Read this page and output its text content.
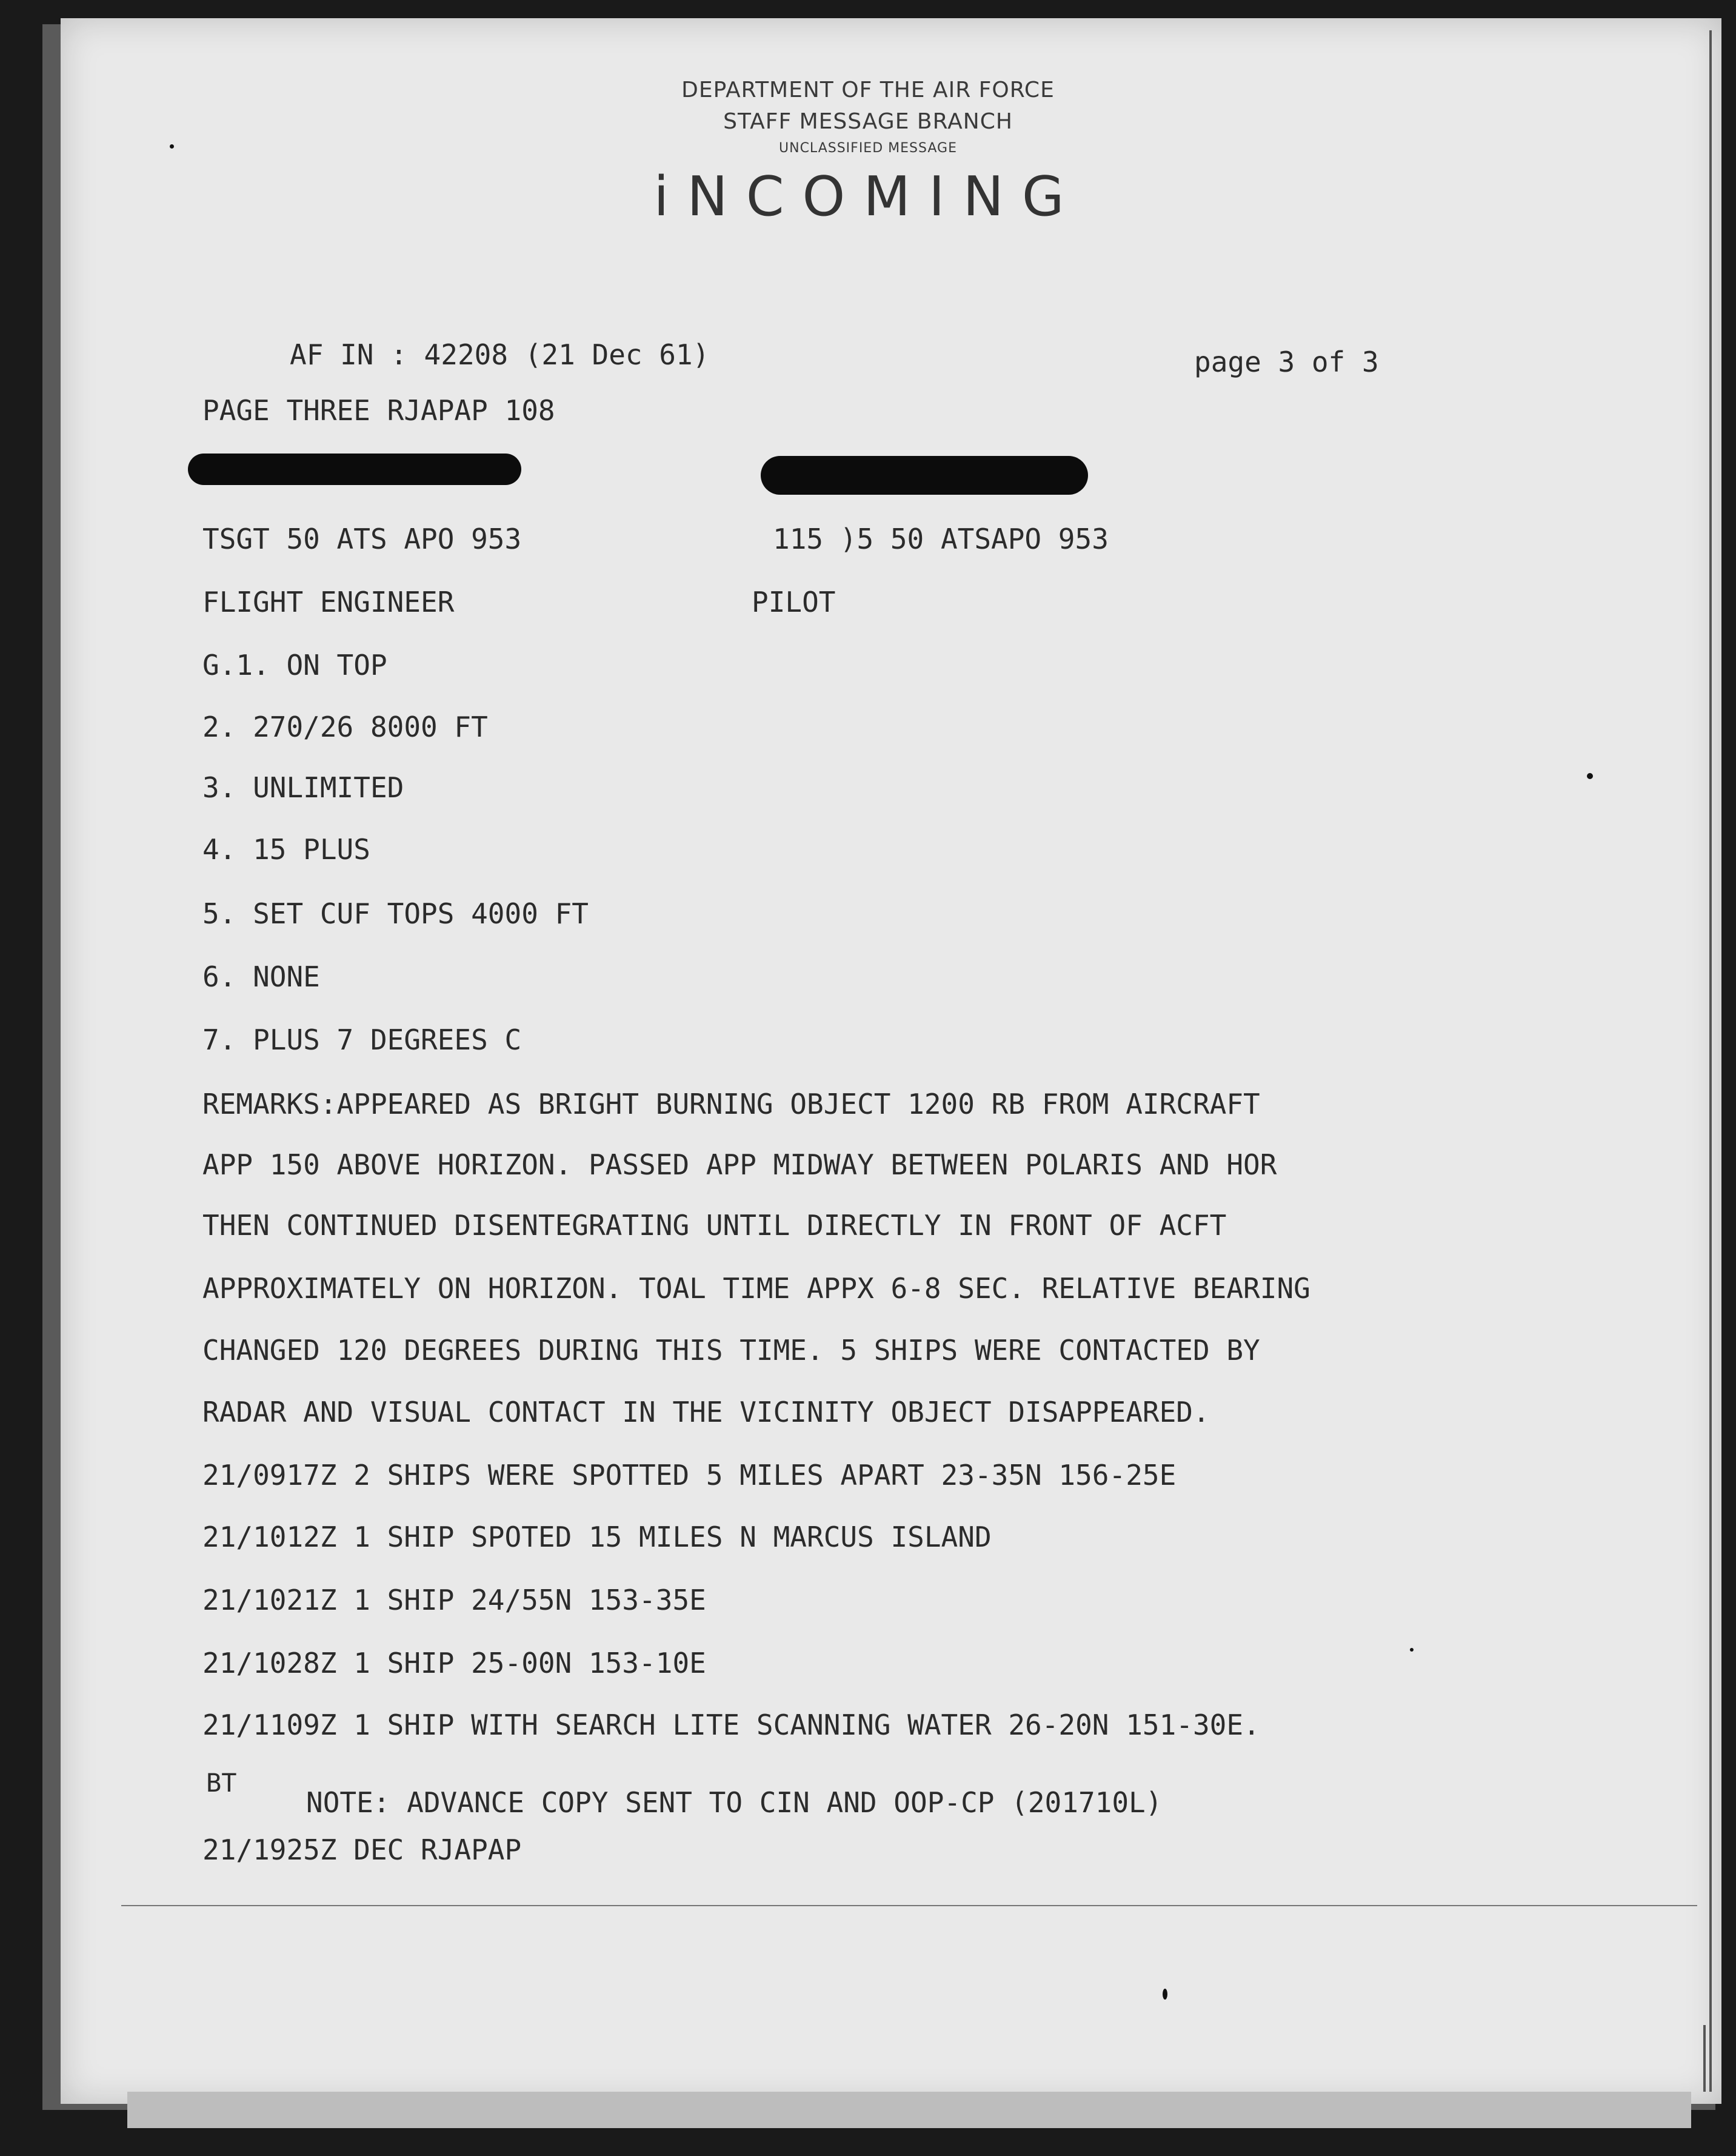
DEPARTMENT OF THE AIR FORCE
STAFF MESSAGE BRANCH
UNCLASSIFIED MESSAGE
iNCOMING
AF IN : 42208 (21 Dec 61)	page 3 of 3
PAGE THREE RJAPAP 108
TSGT 50 ATS APO 953	115 )5 50 ATSAPO 953
FLIGHT ENGINEER	PILOT
G.1. ON TOP
2. 270/26 8000 FT
3. UNLIMITED
4. 15 PLUS
5. SET CUF TOPS 4000 FT
6. NONE
7. PLUS 7 DEGREES C
REMARKS:APPEARED AS BRIGHT BURNING OBJECT 1200 RB FROM AIRCRAFT
APP 150 ABOVE HORIZON. PASSED APP MIDWAY BETWEEN POLARIS AND HOR
THEN CONTINUED DISENTEGRATING UNTIL DIRECTLY IN FRONT OF ACFT
APPROXIMATELY ON HORIZON. TOAL TIME APPX 6-8 SEC. RELATIVE BEARING
CHANGED 120 DEGREES DURING THIS TIME. 5 SHIPS WERE CONTACTED BY
RADAR AND VISUAL CONTACT IN THE VICINITY OBJECT DISAPPEARED.
21/0917Z 2 SHIPS WERE SPOTTED 5 MILES APART 23-35N 156-25E
21/1012Z 1 SHIP SPOTED 15 MILES N MARCUS ISLAND
21/1021Z 1 SHIP 24/55N 153-35E
21/1028Z 1 SHIP 25-00N 153-10E
21/1109Z 1 SHIP WITH SEARCH LITE SCANNING WATER 26-20N 151-30E.
BT
NOTE: ADVANCE COPY SENT TO CIN AND OOP-CP (201710L)
21/1925Z DEC RJAPAP
